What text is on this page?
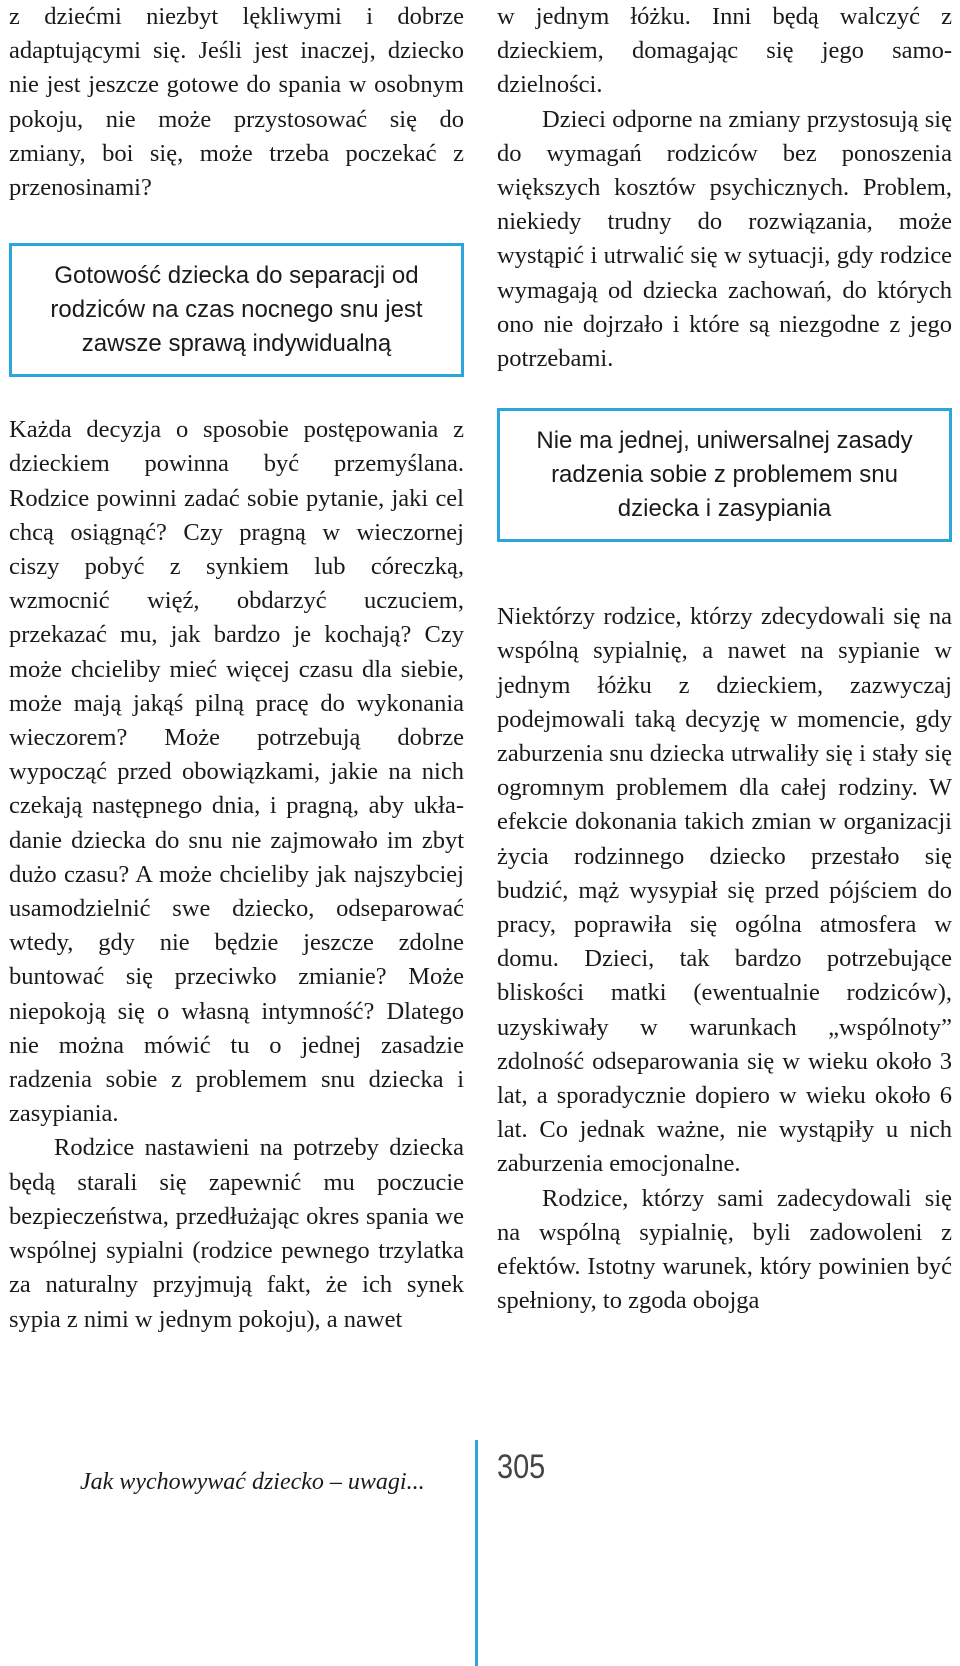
z dziećmi niezbyt lękliwymi i dobrze adaptującymi się. Jeśli jest inaczej, dziecko nie jest jeszcze gotowe do spania w osobnym pokoju, nie może przystosować się do zmiany, boi się, może trzeba poczekać z przenosinami?

Gotowość dziecka do separacji od
rodziców na czas nocnego snu jest
zawsze sprawą indywidualną

Każda decyzja o sposobie postępowania z dzieckiem powinna być przemyślana. Rodzice powinni zadać sobie pytanie, jaki cel chcą osiągnąć? Czy pragną w wieczornej ciszy pobyć z synkiem lub córeczką, wzmocnić więź, obdarzyć uczuciem, przekazać mu, jak bardzo je kochają? Czy może chcieliby mieć więcej czasu dla siebie, może mają jakąś pilną pracę do wykonania wieczorem? Może potrzebują dobrze wypocząć przed obowiązkami, jakie na nich czekają następnego dnia, i pragną, aby układanie dziecka do snu nie zajmowało im zbyt dużo czasu? A może chcieliby jak najszybciej usamodzielnić swe dziecko, odseparować wtedy, gdy nie będzie jeszcze zdolne buntować się przeciwko zmianie? Może niepokoją się o własną intymność? Dlatego nie można mówić tu o jednej zasadzie radzenia sobie z problemem snu dziecka i zasypiania.

Rodzice nastawieni na potrzeby dziecka będą starali się zapewnić mu poczucie bezpieczeństwa, przedłużając okres spania we wspólnej sypialni (rodzice pewnego trzylatka za naturalny przyjmują fakt, że ich synek sypia z nimi w jednym pokoju), a nawet

w jednym łóżku. Inni będą walczyć z dzieckiem, domagając się jego samodzielności.

Dzieci odporne na zmiany przystosują się do wymagań rodziców bez ponoszenia większych kosztów psychicznych. Problem, niekiedy trudny do rozwiązania, może wystąpić i utrwalić się w sytuacji, gdy rodzice wymagają od dziecka zachowań, do których ono nie dojrzało i które są niezgodne z jego potrzebami.

Nie ma jednej, uniwersalnej zasady
radzenia sobie z problemem snu
dziecka i zasypiania

Niektórzy rodzice, którzy zdecydowali się na wspólną sypialnię, a nawet na sypianie w jednym łóżku z dzieckiem, zazwyczaj podejmowali taką decyzję w momencie, gdy zaburzenia snu dziecka utrwaliły się i stały się ogromnym problemem dla całej rodziny. W efekcie dokonania takich zmian w organizacji życia rodzinnego dziecko przestało się budzić, mąż wysypiał się przed pójściem do pracy, poprawiła się ogólna atmosfera w domu. Dzieci, tak bardzo potrzebujące bliskości matki (ewentualnie rodziców), uzyskiwały w warunkach „wspólnoty” zdolność odseparowania się w wieku około 3 lat, a sporadycznie dopiero w wieku około 6 lat. Co jednak ważne, nie wystąpiły u nich zaburzenia emocjonalne.

Rodzice, którzy sami zadecydowali się na wspólną sypialnię, byli zadowoleni z efektów. Istotny warunek, który powinien być spełniony, to zgoda obojga

Jak wychowywać dziecko – uwagi... 305
